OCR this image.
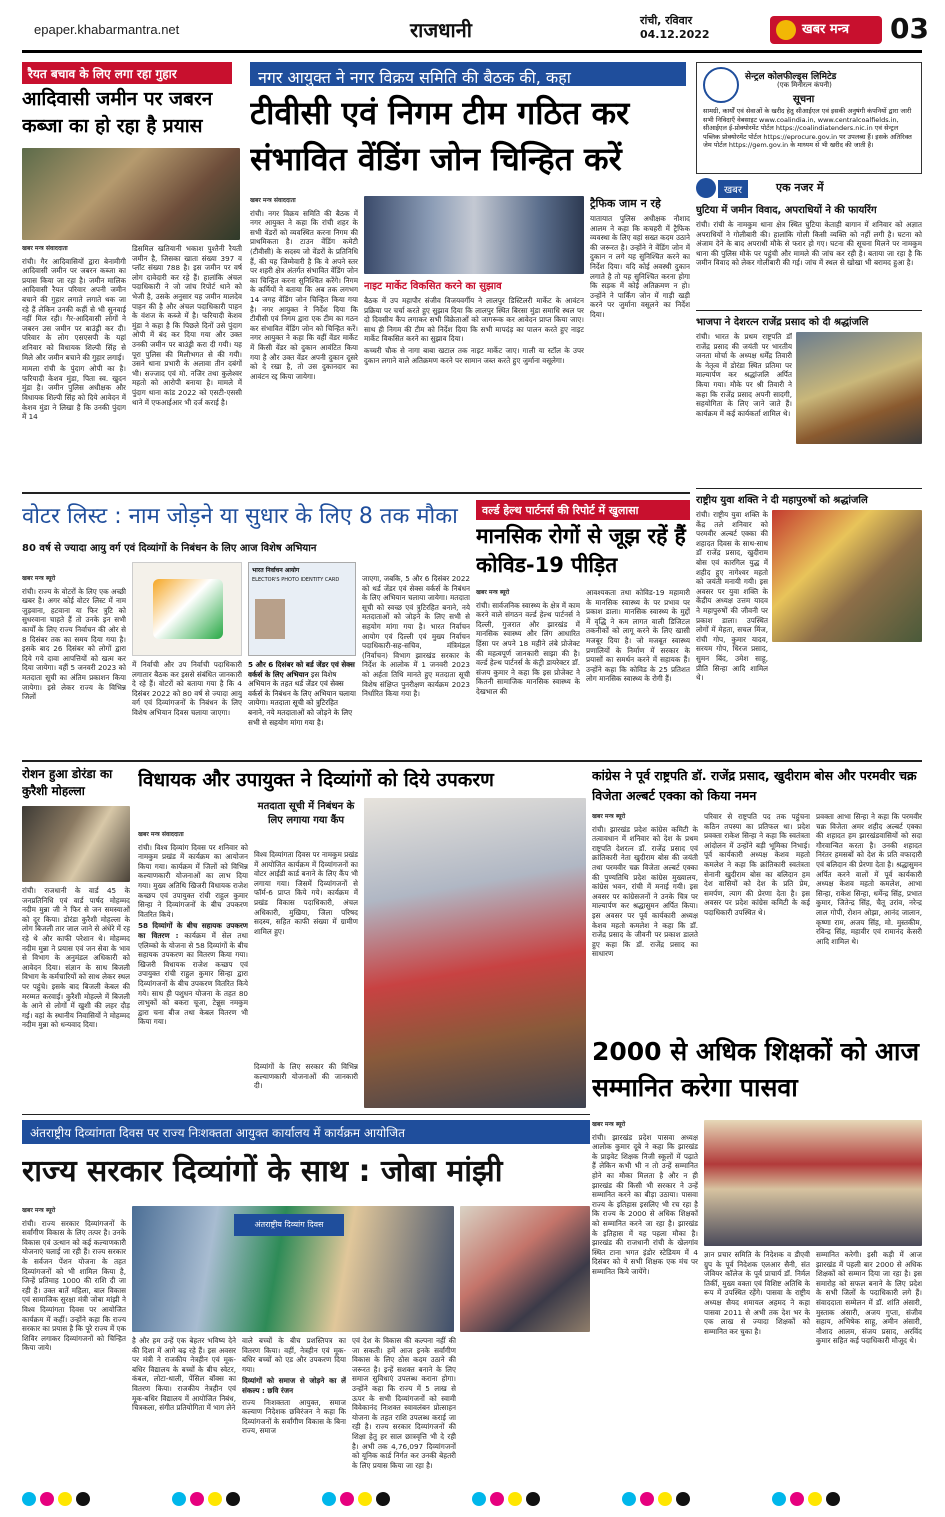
epaper.khabarmantra.net	राजधानी	रांची, रविवार
04.12.2022	खबर मन्त्र	03
रैयत बचाव के लिए लगा रहा गुहार
आदिवासी जमीन पर जबरन कब्जा का हो रहा है प्रयास
खबर मन्त्र संवाददाता

रांची। गैर आदिवासियों द्वारा बेनामीगी आदिवासी जमीन पर जबरन कब्जा का प्रयास किया जा रहा है। जमीन मालिक आदिवासी रैयत परिवार अपनी जमीन बचाने की गुहार लगाते लगाते थक जा रहे हैं लेकिन उनकी कहीं से भी सुनवाई नहीं मिल रही। गैर-आदिवासी लोगों ने जबरन उस जमीन पर बाउंड्री कर दी। परिवार के लोग एसएसपी के यहां शनिवार को विधायक शिल्पी सिंह से मिले और जमीन बचाने की गुहार लगाई।

मामला रांची के पुंदाग ओपी का है। फरियादी केशव मुंडा, पिता स्व. खुदन मुंडा है। जमीन पुलिस अधीक्षक और विधायक शिल्पी सिंह को दिये आवेदन में केशव मुंडा ने लिखा है कि उनकी पुंदाग में 14

डिसमिल खतियानी भकाश पुश्तैनी रैयती जमीन है, जिसका खाता संख्या 397 व प्लॉट संख्या 788 है। इस जमीन पर वर्ष लोग दावेदारी कर रहे हैं। हालांकि अंचल पदाधिकारी ने जो जांच रिपोर्ट थाने को भेजी है, उसके अनुसार यह जमीन मालदेव पाहन की है और अंचल पदाधिकारी पाहन के वंशज के कब्जे में है। फरियादी केशव मुंडा ने कहा है कि पिछले दिनों उसे पुंदाग ओपी में बंद कर दिया गया और उक्त उनकी जमीन पर बाउंड्री करा दी गयी। यह पूरा पुलिस की मिलीभगत से की गयी। उसने थाना प्रभारी के अलावा तीन दबंगों भी। सज्जाद एवं मो. नजिर तथा कुलेश्वर महतो को आरोपी बनाया है। मामले में पुंदाग थाना कांड 2022 को एसटी-एससी थाने में एफआईआर भी दर्ज कराई है।

नगर आयुक्त ने नगर विक्रय समिति की बैठक की, कहा
टीवीसी एवं निगम टीम गठित कर संभावित वेंडिंग जोन चिन्हित करें
खबर मन्त्र संवाददाता

रांची। नगर विक्रय समिति की बैठक में नगर आयुक्त ने कहा कि रांची शहर के सभी वेंडरों को व्यवस्थित करना निगम की प्राथमिकता है। टाउन वेंडिंग कमेटी (टीवीसी) के सदस्य जो वेंडरों के प्रतिनिधि हैं, की यह जिम्मेवारी है कि वे अपने स्तर पर शहरी क्षेत्र अंतर्गत संभावित वेंडिंग जोन का चिन्हित करना सुनिश्चित करेंगे। निगम के कर्मियों ने बताया कि अब तक लगभग 14 जगह वेंडिंग जोन चिन्हित किया गया है। नगर आयुक्त ने निर्देश दिया कि टीवीसी एवं निगम द्वारा एक टीम का गठन कर संभावित वेंडिंग जोन को चिन्हित करें। नगर आयुक्त ने कहा कि वहीं वेंडर मार्केट में किसी वेंडर को दुकान आवंटित किया गया है और उक्त वेंडर अपनी दुकान दूसरे को दे रखा है, तो उस दुकानदार का आवंटन रद्द किया जायेगा।

नाइट मार्केट विकसित करने का सुझाव

बैठक में उप महापौर संजीव विजयवर्गीय ने लालपुर डिस्टिलरी मार्केट के आवंटन प्रक्रिया पर चर्चा करते हुए सुझाव दिया कि लालपुर स्थित बिरसा मुंडा समाधि स्थल पर दो दिवसीय कैंप लगाकर सभी विक्रेताओं को जागरूक कर आवेदन प्राप्त किया जाए। साथ ही निगम की टीम को निर्देश दिया कि सभी मापदंड़ का पालन करते हुए नाइट मार्केट विकसित करने का सुझाव दिया।

कच्चरी चौक से नागा बाबा खटाल तक नाइट मार्केट जाए। गाली या स्टॉल के उपर दुकान लगाने वाले अतिक्रमण करने पर सामान जब्त करते हुए जुर्माना वसूलेगा।

ट्रैफिक जाम न रहे

यातायात पुलिस अधीक्षक नौशाद आलम ने कहा कि कचहरी में ट्रैफिक व्यवस्था के लिए वहां सख्त कदम उठाने की जरूरत है। उन्होंने ने वेंडिंग जोन में दुकान न लगे यह सुनिश्चित करने का निर्देश दिया। यदि कोई अवस्थी दुकान लगाते है तो यह सुनिश्चित करना होगा कि सड़क में कोई अतिक्रमण न हो। उन्होंने ने पार्किंग जोन में गाड़ी खड़ी करने पर जुर्माना वसूलने का निर्देश दिया।

सेन्ट्रल कोलफील्ड्स लिमिटेड
(एक मिनीरत्न कंपनी)
सूचना
सामग्री, कार्यों एवं सेवाओं के खरीद हेतु सीआईएल एवं इसकी अनुषंगी कंपनियों द्वारा जारी सभी निविदाएँ वेबसाइट www.coalindia.in, www.centralcoalfields.in, सीआईएल ई-प्रोक्योरमेंट पोर्टल https://coalindiatenders.nic.in एवं सेन्ट्रल पब्लिक प्रोक्योरमेंट पोर्टल https://eprocure.gov.in पर उपलब्ध हैं। इसके अतिरिक्त जेम पोर्टल https://gem.gov.in के माध्यम से भी खरीद की जाती है।
खबर	एक नजर में
घुटिया में जमीन विवाद, अपराधियों ने की फायरिंग

रांची। रांची के नामकुम थाना क्षेत्र स्थित घुटिया केताही बागान में शनिवार को अज्ञात अपराधियों ने गोलीबारी की। हालांकि गोली किसी व्यक्ति को नहीं लगी है। घटना को अंजाम देने के बाद अपराधी मौके से फरार हो गए। घटना की सूचना मिलने पर नामकुम थाना की पुलिस मौके पर पहुंची और मामले की जांच कर रही है। बताया जा रहा है कि जमीन विवाद को लेकर गोलीबारी की गई। जांच में स्थल से खोखा भी बरामद हुआ है।

भाजपा ने देशरत्न राजेंद्र प्रसाद को दी श्रद्धांजलि

रांची। भारत के प्रथम राष्ट्रपति डॉ राजेंद्र प्रसाद की जयंती पर भारतीय जनता मोर्चा के अध्यक्ष धर्मेंद्र तिवारी के नेतृत्व में डोरंडा स्थित प्रतिमा पर माल्यार्पण कर श्रद्धांजलि अर्पित किया गया। मौके पर श्री तिवारी ने कहा कि राजेंद्र प्रसाद अपनी सादगी, सहयोगिता के लिए जाने जाते हैं। कार्यक्रम में कई कार्यकर्ता शामिल थे।

राष्ट्रीय युवा शक्ति ने दी महापुरुषों को श्रद्धांजलि

रांची। राष्ट्रीय युवा शक्ति के केंद्र तले शनिवार को परमवीर अल्बर्ट एक्का की शहादत दिवस के साथ-साथ डॉ राजेंद्र प्रसाद, खुदीराम बोस एवं कारगिल युद्ध में शहीद हुए नागेश्वर महतो को जयंती मनायी गयी। इस अवसर पर युवा शक्ति के केंद्रीय अध्यक्ष उत्तम यादव ने महापुरुषों की जीवनी पर प्रकाश डाला। उपस्थित लोगों में मेहता, सचल मिंज, रांची गोप, कुमार यादव, सरयम गोप, धिरज प्रसाद, सुमन बिंद, उमेश साहू, प्रीति सिन्हा आदि शामिल थे।

वोटर लिस्ट : नाम जोड़ने या सुधार के लिए 8 तक मौका
80 वर्ष से ज्यादा आयु वर्ग एवं दिव्यांगों के निबंधन के लिए आज विशेष अभियान
खबर मन्त्र ब्यूरो

रांची। राज्य के वोटरों के लिए एक अच्छी खबर है। अगर कोई वोटर लिस्ट में नाम जुड़वाना, हटवाना या फिर त्रुटि को सुधरवाना चाहते हैं तो उनके इन सभी कार्यों के लिए राज्य निर्वाचन की ओर से 8 दिसंबर तक का समय दिया गया है। इसके बाद 26 दिसंबर को लोगों द्वारा दिये गये दावा आपत्तियों को खत्म कर दिया जायेगा। वहीं 5 जनवरी 2023 को मतदाता सूची का अंतिम प्रकाशन किया जायेगा। इसे लेकर राज्य के विभिन्न जिलों

भारत निर्वाचन आयोग
ELECTOR'S PHOTO IDENTITY CARD

में निर्वाची और उप निर्वाची पदाधिकारी लगातार बैठक कर इससे संबंधित जानकारी दे रहे हैं। वोटरों को बताया गया है कि 4 दिसंबर 2022 को 80 वर्ष से ज्यादा आयु वर्ग एवं दिव्यांगजनों के निबंधन के लिए विशेष अभियान दिवस चलाया जाएगा।

5 और 6 दिसंबर को बर्ड जेंडर एवं सेक्स वर्कर्स के लिए अभियान इस विशेष अभियान के तहत थर्ड जेंडर एवं सेक्स वर्कर्स के निबंधन के लिए अभियान चलाया जायेगा। मतदाता सूची को त्रुटिरहित बनाने, नये मतदाताओं को जोड़ने के लिए सभी से सहयोग मांगा गया है।

जाएगा, जबकि, 5 और 6 दिसंबर 2022 को थर्ड जेंडर एवं सेक्स वर्कर्स के निबंधन के लिए अभियान चलाया जायेगा। मतदाता सूची को स्वच्छ एवं त्रुटिरहित बनाने, नये मतदाताओं को जोड़ने के लिए सभी से सहयोग मांगा गया है। भारत निर्वाचन आयोग एवं दिल्ली एवं मुख्य निर्वाचन पदाधिकारी-सह-सचिव, मंत्रिमंडल (निर्वाचन) विभाग झारखंड सरकार के निर्देश के आलोक में 1 जनवरी 2023 को अर्हता तिथि मानते हुए मतदाता सूची विशेष संक्षिप्त पुनरीक्षण कार्यक्रम 2023 निर्धारित किया गया है।

वर्ल्ड हेल्थ पार्टनर्स की रिपोर्ट में खुलासा
मानसिक रोगों से जूझ रहें हैं कोविड-19 पीड़ित
खबर मन्त्र ब्यूरो

रांची। सार्वजनिक स्वास्थ्य के क्षेत्र में काम करने वाले संगठन वर्ल्ड हेल्थ पार्टनर्स ने दिल्ली, गुजरात और झारखंड में मानसिक स्वास्थ्य और लिंग आधारित हिंसा पर अपने 18 महीने लंबे प्रोजेक्ट की महत्वपूर्ण जानकारी साझा की है। वर्ल्ड हेल्थ पार्टनर्स के कंट्री डायरेक्टर डॉ. संजय कुमार ने कहा कि इस प्रोजेक्ट ने कितनी सामाजिक मानसिक स्वास्थ्य के देखभाल की

आवश्यकता तथा कोविड-19 महामारी के मानसिक स्वास्थ्य के पर प्रभाव पर प्रकाश डाला। मानसिक स्वास्थ्य के मुद्दों में वृद्धि ने कम लागत वाली डिजिटल तकनीकों को लागू करने के लिए खासी मजबूर दिया है। जो मजबूत स्वास्थ्य प्रणालियों के निर्माण में सरकार के प्रयासों का समर्थन करने में सहायक हैं। उन्होंने कहा कि कोविड के 25 प्रतिशत लोग मानसिक स्वास्थ्य के रोगी हैं।

रोशन हुआ डोरंडा का कुरैशी मोहल्ला

रांची। राजधानी के वार्ड 45 के जनप्रतिनिधि एवं वार्ड पार्षद मोहम्मद नदीम मुन्ना जी ने फिर से जन समस्याओं को दूर किया। डोरंडा कुरैशी मोहल्ला के लोग बिजली तार जाल जाने से अंधेरे में रह रहे थे और काफी परेशान थे। मोहम्मद नदीम मुन्ना ने प्रयास एवं जन सेवा के भाव से विभाग के अनुमंडल अधिकारी को आवेदन दिया। संज्ञान के साथ बिजली विभाग के कर्मचारियों को साथ लेकर स्थल पर पहुंचे। इसके बाद बिजली केबल की मरम्मत करवाई। कुरैशी मोहल्ले में बिजली के आने से लोगों में खुशी की लहर दौड़ गई। वहां के स्थानीय निवासियों ने मोहम्मद नदीम मुन्ना को धन्यवाद दिया।

विधायक और उपायुक्त ने दिव्यांगों को दिये उपकरण
खबर मन्त्र संवाददाता

रांची। विश्व दिव्यांग दिवस पर शनिवार को नामकुम प्रखंड में कार्यक्रम का आयोजन किया गया। कार्यक्रम में जिलों को विभिन्न कल्याणकारी योजनाओं का लाभ दिया गया। मुख्य अतिथि खिजरी विधायक राजेश कच्छप एवं उपायुक्त रांची राहुल कुमार सिन्हा ने दिव्यांगजनों के बीच उपकरण वितरित किये।

58 दिव्यांगों के बीच सहायक उपकरण का वितरण : कार्यक्रम में सेल तथा एलिम्को के योजना से 58 दिव्यांगों के बीच सहायक उपकरण का वितरण किया गया। खिजरी विधायक राजेश कच्छप एवं उपायुक्त रांची राहुल कुमार सिन्हा द्वारा दिव्यांगजनों के बीच उपकरण वितरित किये गये। साथ ही पशुधन योजना के तहत 80 लाभुकों को बकरा चूजा, टेन्नूस नमकुम द्वारा चना बीज तथा केबल वितरण भी किया गया।

मतदाता सूची में निबंधन के लिए लगाया गया कैंप

विश्व दिव्यांगता दिवस पर नामकुम प्रखंड में आयोजित कार्यक्रम में दिव्यांगजनों का वोटर आईडी कार्ड बनाने के लिए कैंप भी लगाया गया। जिसमें दिव्यांगजनों से फॉर्म-6 प्राप्त किये गये। कार्यक्रम में प्रखंड विकास पदाधिकारी, अंचल अधिकारी, मुखिया, जिला परिषद सदस्य, सहित काफी संख्या में ग्रामीण शामिल हुए।

दिव्यांगों के लिए सरकार की विभिन्न कल्याणकारी योजनाओं की जानकारी दी।

कांग्रेस ने पूर्व राष्ट्रपति डॉ. राजेंद्र प्रसाद, खुदीराम बोस और परमवीर चक्र विजेता अल्बर्ट एक्का को किया नमन
खबर मन्त्र ब्यूरो

रांची। झारखंड प्रदेश कांग्रेस कमिटी के तत्वावधान में शनिवार को देश के प्रथम राष्ट्रपति देशरत्न डॉ. राजेंद्र प्रसाद एवं क्रांतिकारी नेता खुदीराम बोस की जयंती तथा परमवीर चक्र विजेता अल्बर्ट एक्का की पुण्यतिथि प्रदेश कांग्रेस मुख्यालय, कांग्रेस भवन, रांची में मनाई गयी। इस अवसर पर कांग्रेसजनों ने उनके चित्र पर माल्यार्पण कर श्रद्धासुमन अर्पित किया। इस अवसर पर पूर्व कार्यकारी अध्यक्ष केशव महतो कमलेश ने कहा कि डॉ. राजेंद्र प्रसाद के जीवनी पर प्रकाश डालते हुए कहा कि डॉ. राजेंद्र प्रसाद का साधारण

परिवार से राष्ट्रपति पद तक पहुंचना कठिन तपस्या का प्रतिफल था। प्रदेश प्रवक्ता राकेश सिन्हा ने कहा कि स्वतंत्रता आंदोलन में उन्होंने बड़ी भूमिका निभाई। पूर्व कार्यकारी अध्यक्ष केशव महतो कमलेश ने कहा कि क्रांतिकारी स्वतंत्रता सेनानी खुदीराम बोस का बलिदान हम देश वासियों को देश के प्रति प्रेम, समर्पण, त्याग की प्रेरणा देता है। इस अवसर पर प्रदेश कांग्रेस कमिटी के कई पदाधिकारी उपस्थित थे।

प्रवक्ता आभा सिन्हा ने कहा कि परमवीर चक्र विजेता अमर शहीद अल्बर्ट एक्का की शहादत हम झारखंडवासियों को सदा गौरवान्वित करता है। उनकी शहादत निरंतर हमसबों को देश के प्रति वफादारी एवं बलिदान की प्रेरणा देता है। श्रद्धासुमन अर्पित करने वालों में पूर्व कार्यकारी अध्यक्ष केशव महतो कमलेश, आभा सिन्हा, राकेश सिन्हा, धर्मेन्द्र सिंह, प्रभात कुमार, जितेन्द्र सिंह, चैतू उरांव, नरेन्द्र लाल गोपी, रोशन ओझा, आनंद जालान, कृष्णा राम, अजय सिंह, मो. मुस्तकीम, रविन्द्र सिंह, महावीर एवं रामानंद केसरी आदि शामिल थे।

2000 से अधिक शिक्षकों को आज सम्मानित करेगा पासवा
अंतराष्ट्रीय दिव्यांगता दिवस पर राज्य निःशक्तता आयुक्त कार्यालय में कार्यक्रम आयोजित
राज्य सरकार दिव्यांगों के साथ : जोबा मांझी
खबर मन्त्र ब्यूरो

रांची। राज्य सरकार दिव्यांगजनों के सर्वांगीण विकास के लिए तत्पर है। उनके विकास एवं उत्थान को कई कल्याणकारी योजनाएं चलाई जा रही हैं। राज्य सरकार के सर्वजन पेंशन योजना के तहत दिव्यांगजनों को भी शामिल किया है, जिन्हें प्रतिमाह 1000 की राशि दी जा रही है। उक्त बातें महिला, बाल विकास एवं सामाजिक सुरक्षा मंत्री जोबा मांझी ने विश्व दिव्यांगता दिवस पर आयोजित कार्यक्रम में कहीं। उन्होंने कहा कि राज्य सरकार का प्रयास है कि पूरे राज्य में एक शिविर लगाकर दिव्यांगजनों को चिन्हित किया जाये।

अंतराष्ट्रीय दिव्यांग दिवस

है और हम उन्हें एक बेहतर भविष्य देने की दिशा में आगे बढ़ रहे हैं। इस अवसर पर मंत्री ने राजकीय नेत्रहीन एवं मूक-बधिर विद्यालय के बच्चों के बीच स्वेटर, कंबल, लोटा-थाली, पेंसिल बॉक्स का वितरण किया। राजकीय नेत्रहीन एवं मूक-बधिर विद्यालय में आयोजित निबंध, चित्रकला, संगीत प्रतियोगिता में भाग लेने

वाले बच्चों के बीच प्रशस्तिपत्र का वितरण किया। वहीं, नेत्रहीन एवं मूक-बधिर बच्चों को एड और उपकरण दिया गया।

दिव्यांगों को समाज से जोड़ने का लें संकल्प : छवि रंजन

राज्य निःशक्तता आयुक्त, समाज कल्याण निदेशक छविरंजन ने कहा कि दिव्यांगजनों के सर्वांगीण विकास के बिना राज्य, समाज

एवं देश के विकास की कल्पना नहीं की जा सकती। हमें आज इनके सर्वांगीण विकास के लिए ठोस कदम उठाने की जरूरत है। इन्हें सशक्त बनाने के लिए समाज सुविधाएं उपलब्ध कराना होगा। उन्होंने कहा कि राज्य में 5 लाख से ऊपर के सभी दिव्यांगजनों को स्वामी विवेकानंद निःशक्त स्वावलंबन प्रोत्साहन योजना के तहत राशि उपलब्ध कराई जा रही है। राज्य सरकार दिव्यांगजनों की शिक्षा हेतु हर साल छात्रवृत्ति भी दे रही है। अभी तक 4,76,097 दिव्यांगजनों को यूनिक कार्ड निर्गत कर उनकी बेहतरी के लिए प्रयास किया जा रहा है।

खबर मन्त्र ब्यूरो

रांची। झारखंड प्रदेश पासवा अध्यक्ष आलोक कुमार दूबे ने कहा कि झारखंड के प्राइवेट शिक्षक निजी स्कूलों में पढ़ाते हैं लेकिन कभी भी न तो उन्हें सम्मानित होने का मौका मिलता है और न ही झारखंड की किसी भी सरकार ने उन्हें सम्मानित करने का बीड़ा उठाया। पासवा राज्य के इतिहास इसलिए भी रच रहा है कि राज्य के 2000 से अधिक शिक्षकों को सम्मानित करने जा रहा है। झारखंड के इतिहास में यह पहला मौका है। झारखंड की राजधानी रांची के खेलगांव स्थित टाना भगत इंडोर स्टेडियम में 4 दिसंबर को ये सभी शिक्षक एक मंच पर सम्मानित किये जायेंगे।

ज्ञान प्रचार समिति के निदेशक व डीएवी ग्रुप के पूर्व निदेशक एलआर सैनी, संत जेवियर कॉलेज के पूर्व प्राचार्य डॉ. निर्मल तिर्की, मुख्य वक्ता एवं विशिष्ट अतिथि के रूप में उपस्थित रहेंगे। पासवा के राष्ट्रीय अध्यक्ष सैयद शमायल अहमद ने कहा पासवा 2011 से अभी तक देश भर के एक लाख से ज्यादा शिक्षकों को सम्मानित कर चुका है।

सम्मानित करेगी। इसी कड़ी में आज झारखंड में पहली बार 2000 से अधिक शिक्षकों को सम्मान दिया जा रहा है। इस समारोह को सफल बनाने के लिए प्रदेश के सभी जिलों के पदाधिकारी लगे हैं। संवाददाता सम्मेलन में डॉ. शांति अंसारी, मुस्ताक अंसारी, अजय गुप्ता, संजीव सहाय, अभिषेक साहू, अमीन अंसारी, नौशाद आलम, संजय प्रसाद, अरविंद कुमार सहित कई पदाधिकारी मौजूद थे।
